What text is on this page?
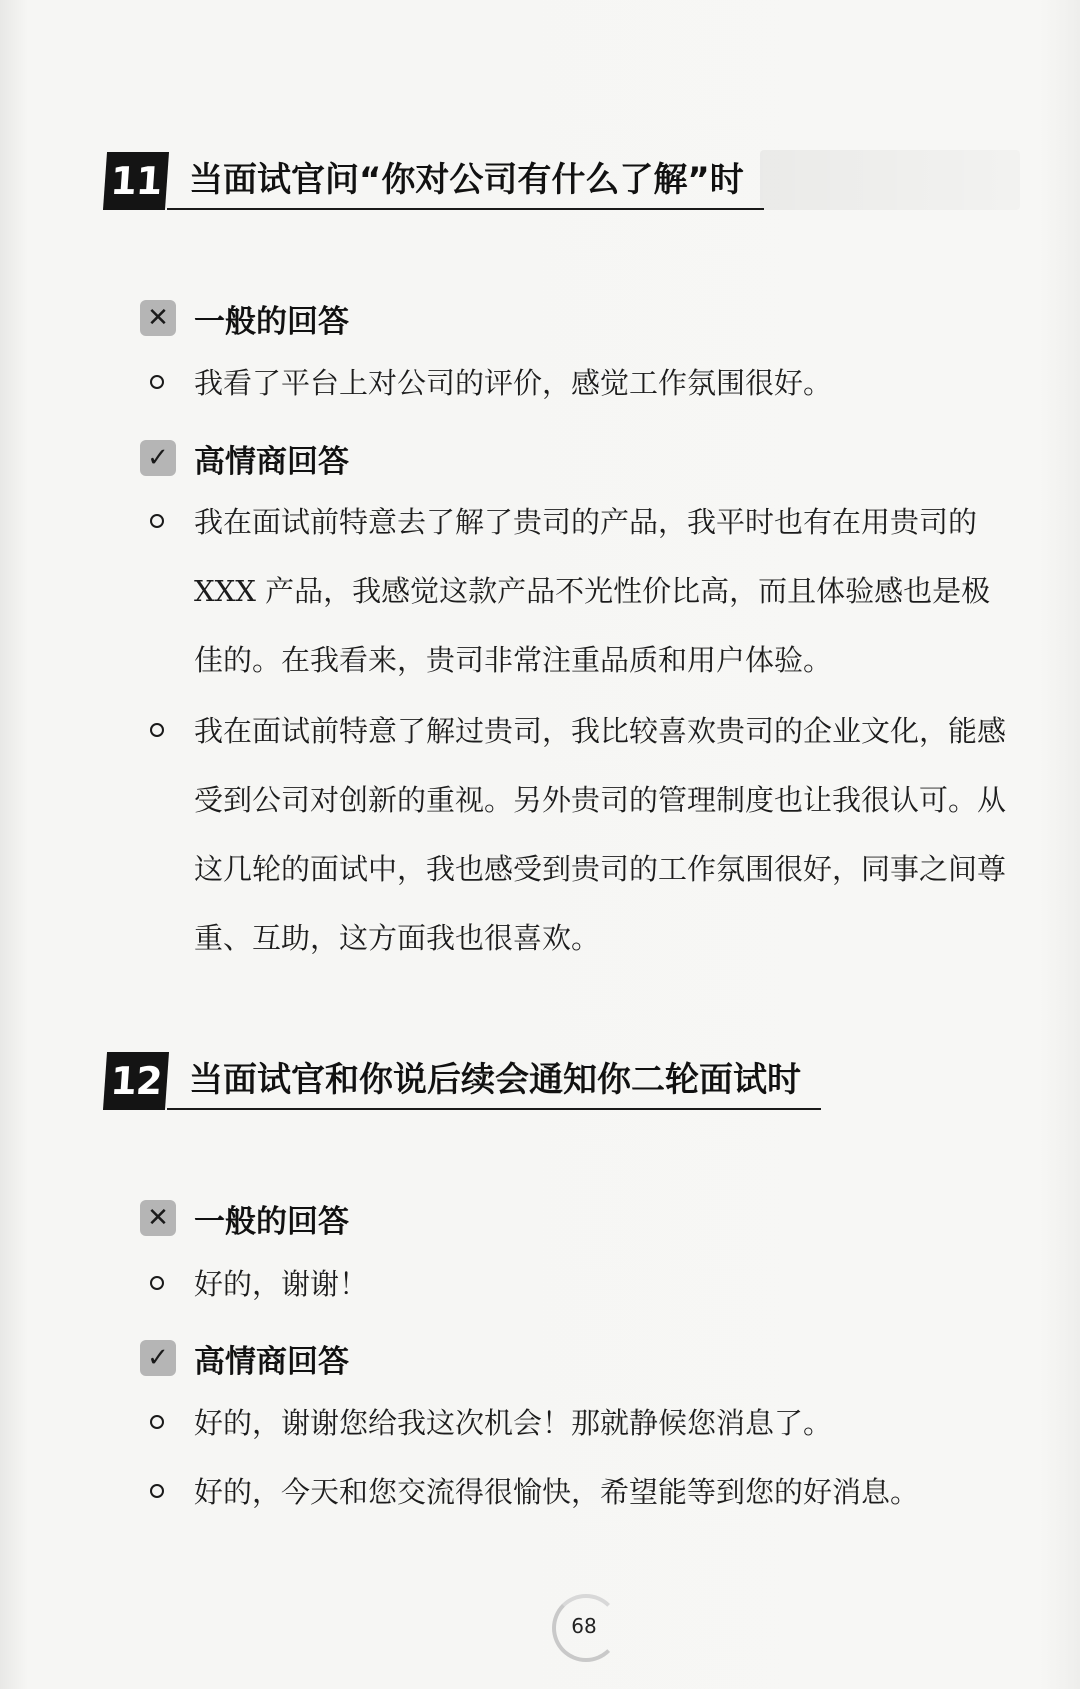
11 当面试官问“你对公司有什么了解”时
✕ 一般的回答
我看了平台上对公司的评价，感觉工作氛围很好。
✓ 高情商回答
我在面试前特意去了解了贵司的产品，我平时也有在用贵司的 XXX 产品，我感觉这款产品不光性价比高，而且体验感也是极佳的。在我看来，贵司非常注重品质和用户体验。
我在面试前特意了解过贵司，我比较喜欢贵司的企业文化，能感受到公司对创新的重视。另外贵司的管理制度也让我很认可。从这几轮的面试中，我也感受到贵司的工作氛围很好，同事之间尊重、互助，这方面我也很喜欢。
12 当面试官和你说后续会通知你二轮面试时
✕ 一般的回答
好的，谢谢！
✓ 高情商回答
好的，谢谢您给我这次机会！那就静候您消息了。
好的，今天和您交流得很愉快，希望能等到您的好消息。
68
